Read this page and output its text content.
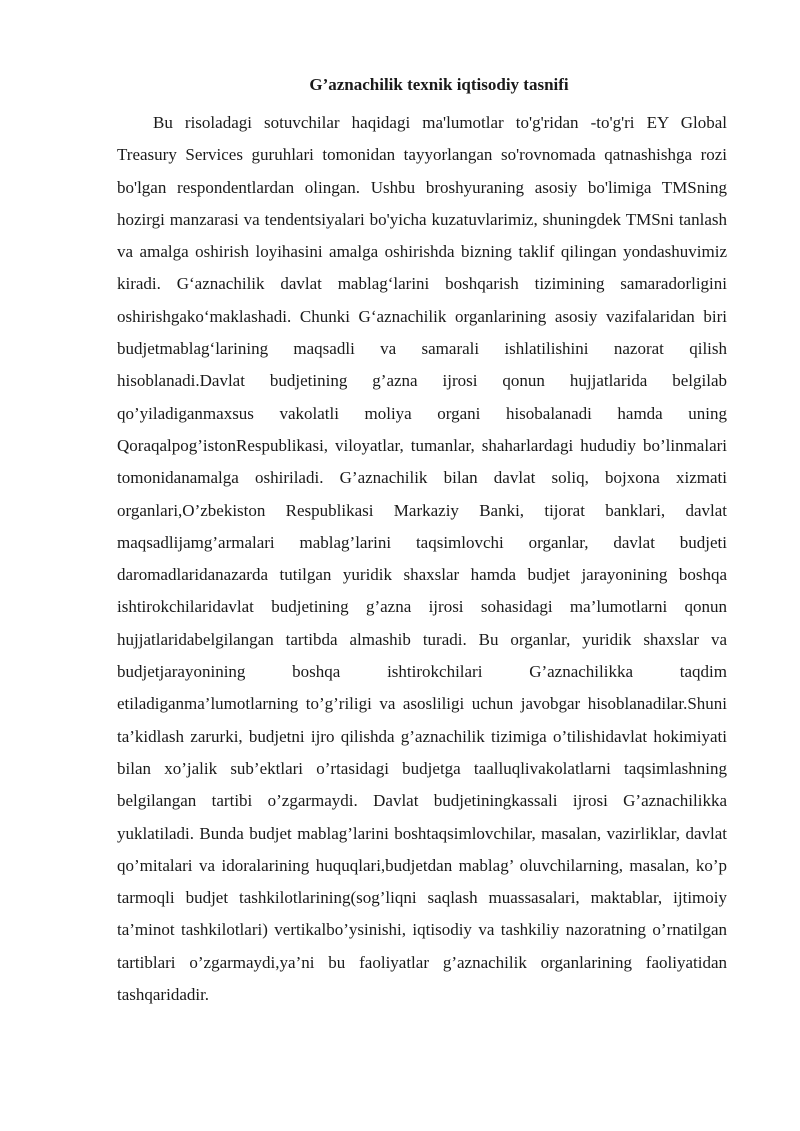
G’aznachilik texnik iqtisodiy tasnifi

Bu risoladagi sotuvchilar haqidagi ma'lumotlar to'g'ridan -to'g'ri EY Global Treasury Services guruhlari tomonidan tayyorlangan so'rovnomada qatnashishga rozi bo'lgan respondentlardan olingan. Ushbu broshyuraning asosiy bo'limiga TMSning hozirgi manzarasi va tendentsiyalari bo'yicha kuzatuvlarimiz, shuningdek TMSni tanlash va amalga oshirish loyihasini amalga oshirishda bizning taklif qilingan yondashuvimiz kiradi. G‘aznachilik davlat mablag‘larini boshqarish tizimining samaradorligini oshirishgako‘maklashadi. Chunki G‘aznachilik organlarining asosiy vazifalaridan biri budjetmablag‘larining maqsadli va samarali ishlatilishini nazorat qilish hisoblanadi.Davlat budjetining g’azna ijrosi qonun hujjatlarida belgilab qo’yiladiganmaxsus vakolatli moliya organi hisobalanadi hamda uning Qoraqalpog’istonRespublikasi, viloyatlar, tumanlar, shaharlardagi hududiy bo’linmalari tomonidanamalga oshiriladi. G’aznachilik bilan davlat soliq, bojxona xizmati organlari,O’zbekiston Respublikasi Markaziy Banki, tijorat banklari, davlat maqsadlijamg’armalari mablag’larini taqsimlovchi organlar, davlat budjeti daromadlaridanazarda tutilgan yuridik shaxslar hamda budjet jarayonining boshqa ishtirokchilaridavlat budjetining g’azna ijrosi sohasidagi ma’lumotlarni qonun hujjatlaridabelgilangan tartibda almashib turadi. Bu organlar, yuridik shaxslar va budjetjarayonining boshqa ishtirokchilari G’aznachilikka taqdim etiladiganma’lumotlarning to’g’riligi va asosliligi uchun javobgar hisoblanadilar.Shuni ta’kidlash zarurki, budjetni ijro qilishda g’aznachilik tizimiga o’tilishidavlat hokimiyati bilan xo’jalik sub’ektlari o’rtasidagi budjetga taalluqlivakolatlarni taqsimlashning belgilangan tartibi o’zgarmaydi. Davlat budjetiningkassali ijrosi G’aznachilikka yuklatiladi. Bunda budjet mablag’larini boshtaqsimlovchilar, masalan, vazirliklar, davlat qo’mitalari va idoralarining huquqlari,budjetdan mablag’ oluvchilarning, masalan, ko’p tarmoqli budjet tashkilotlarining(sog’liqni saqlash muassasalari, maktablar, ijtimoiy ta’minot tashkilotlari) vertikalbo’ysinishi, iqtisodiy va tashkiliy nazoratning o’rnatilgan tartiblari o’zgarmaydi,ya’ni bu faoliyatlar g’aznachilik organlarining faoliyatidan tashqaridadir.
